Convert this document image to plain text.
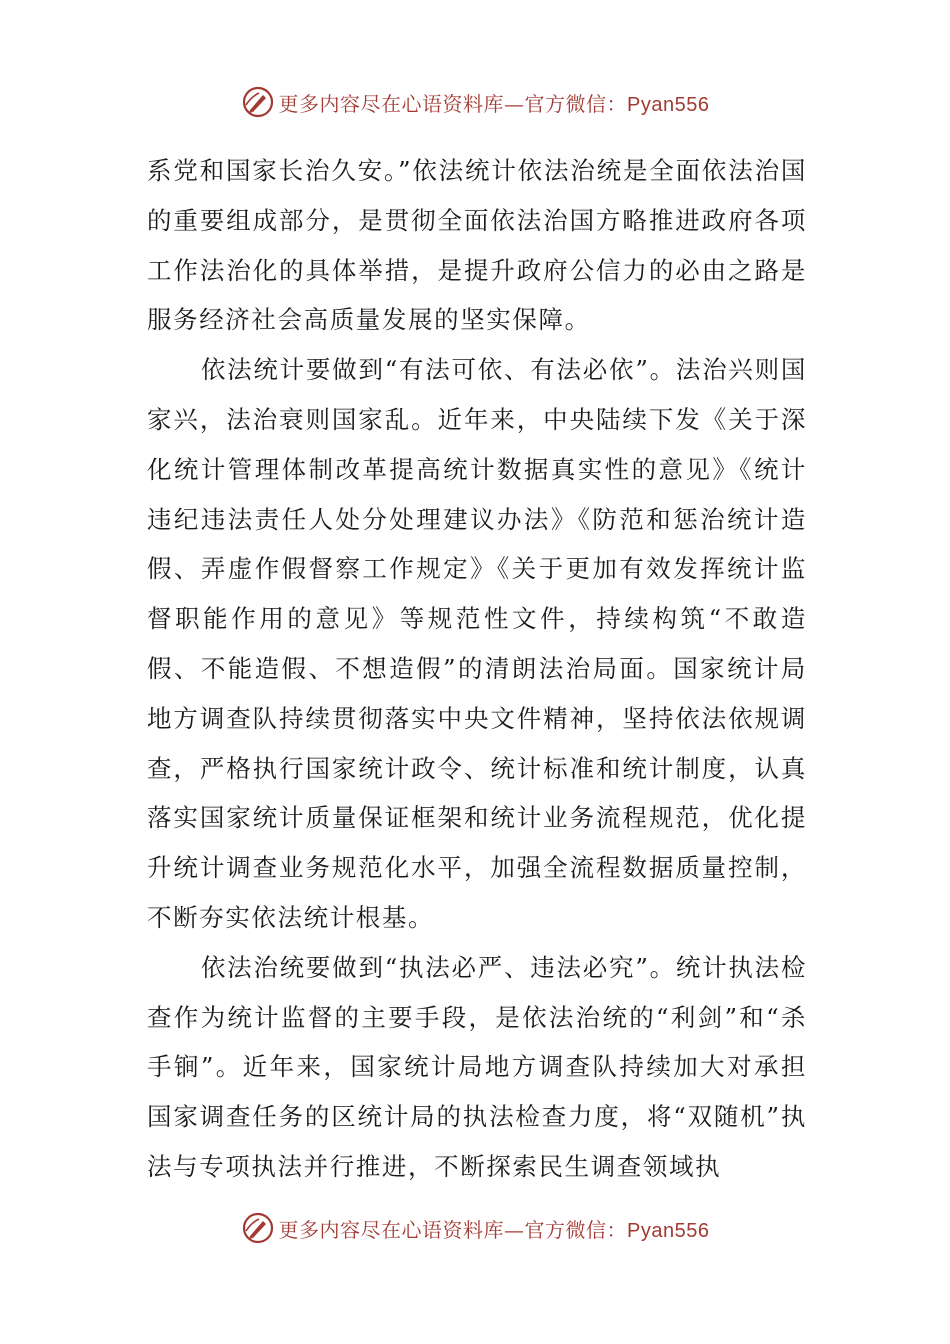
更多内容尽在心语资料库—官方微信：Pyan556

系党和国家长治久安。”依法统计依法治统是全面依法治国的重要组成部分，是贯彻全面依法治国方略推进政府各项工作法治化的具体举措，是提升政府公信力的必由之路是服务经济社会高质量发展的坚实保障。

依法统计要做到“有法可依、有法必依”。法治兴则国家兴，法治衰则国家乱。近年来，中央陆续下发《关于深化统计管理体制改革提高统计数据真实性的意见》《统计违纪违法责任人处分处理建议办法》《防范和惩治统计造假、弄虚作假督察工作规定》《关于更加有效发挥统计监督职能作用的意见》等规范性文件，持续构筑“不敢造假、不能造假、不想造假”的清朗法治局面。国家统计局地方调查队持续贯彻落实中央文件精神，坚持依法依规调查，严格执行国家统计政令、统计标准和统计制度，认真落实国家统计质量保证框架和统计业务流程规范，优化提升统计调查业务规范化水平，加强全流程数据质量控制，不断夯实依法统计根基。

依法治统要做到“执法必严、违法必究”。统计执法检查作为统计监督的主要手段，是依法治统的“利剑”和“杀手锏”。近年来，国家统计局地方调查队持续加大对承担国家调查任务的区统计局的执法检查力度，将“双随机”执法与专项执法并行推进，不断探索民生调查领域执

更多内容尽在心语资料库—官方微信：Pyan556
